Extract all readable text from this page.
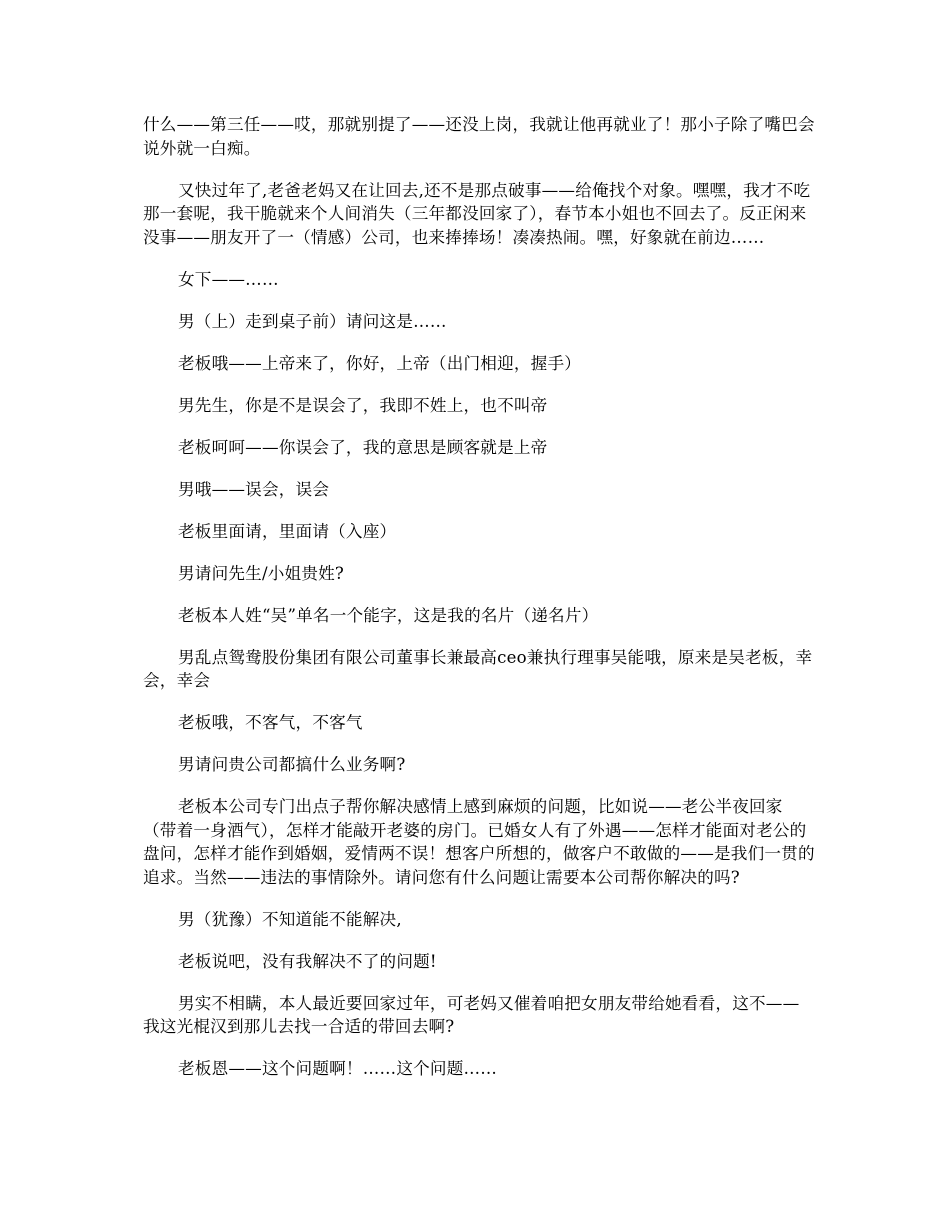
什么——第三任——哎，那就别提了——还没上岗，我就让他再就业了！那小子除了嘴巴会说外就一白痴。

又快过年了,老爸老妈又在让回去,还不是那点破事——给俺找个对象。嘿嘿，我才不吃那一套呢，我干脆就来个人间消失（三年都没回家了），春节本小姐也不回去了。反正闲来没事——朋友开了一（情感）公司，也来捧捧场！凑凑热闹。嘿，好象就在前边……

女下——……

男（上）走到桌子前）请问这是……

老板哦——上帝来了，你好，上帝（出门相迎，握手）

男先生，你是不是误会了，我即不姓上，也不叫帝

老板呵呵——你误会了，我的意思是顾客就是上帝

男哦——误会，误会

老板里面请，里面请（入座）

男请问先生/小姐贵姓?

老板本人姓“吴”单名一个能字，这是我的名片（递名片）

男乱点鸳鸯股份集团有限公司董事长兼最高ceo兼执行理事吴能哦，原来是吴老板，幸会，幸会

老板哦，不客气，不客气

男请问贵公司都搞什么业务啊?

老板本公司专门出点子帮你解决感情上感到麻烦的问题，比如说——老公半夜回家（带着一身酒气），怎样才能敲开老婆的房门。已婚女人有了外遇——怎样才能面对老公的盘问，怎样才能作到婚姻，爱情两不误！想客户所想的，做客户不敢做的——是我们一贯的追求。当然——违法的事情除外。请问您有什么问题让需要本公司帮你解决的吗?

男（犹豫）不知道能不能解决,

老板说吧，没有我解决不了的问题!

男实不相瞒，本人最近要回家过年，可老妈又催着咱把女朋友带给她看看，这不——我这光棍汉到那儿去找一合适的带回去啊?

老板恩——这个问题啊！……这个问题……
